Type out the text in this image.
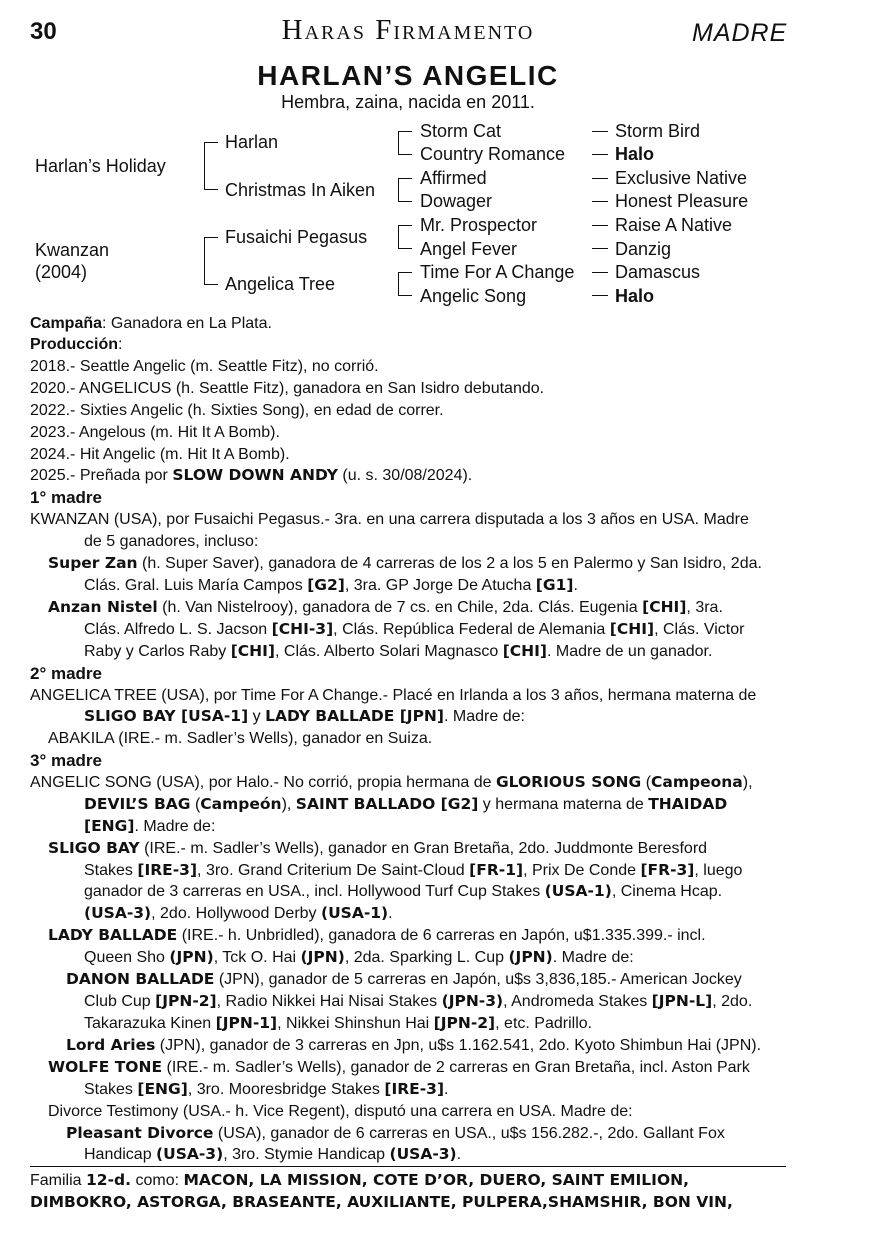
30	Haras Firmamento	MADRE
HARLAN’S ANGELIC
Hembra, zaina, nacida en 2011.
Harlan’s Holiday
Kwanzan
(2004)
Harlan
Christmas In Aiken
Fusaichi Pegasus
Angelica Tree
Storm Cat
Country Romance
Affirmed
Dowager
Mr. Prospector
Angel Fever
Time For A Change
Angelic Song
Storm Bird
Halo
Exclusive Native
Honest Pleasure
Raise A Native
Danzig
Damascus
Halo
Campaña: Ganadora en La Plata.
Producción:
2018.- Seattle Angelic (m. Seattle Fitz), no corrió.
2020.- ANGELICUS (h. Seattle Fitz), ganadora en San Isidro debutando.
2022.- Sixties Angelic (h. Sixties Song), en edad de correr.
2023.- Angelous (m. Hit It A Bomb).
2024.- Hit Angelic (m. Hit It A Bomb).
2025.- Preñada por SLOW DOWN ANDY (u. s. 30/08/2024).
1° madre
KWANZAN (USA), por Fusaichi Pegasus.- 3ra. en una carrera disputada a los 3 años en USA. Madre
de 5 ganadores, incluso:
Super Zan (h. Super Saver), ganadora de 4 carreras de los 2 a los 5 en Palermo y San Isidro, 2da.
Clás. Gral. Luis María Campos [G2], 3ra. GP Jorge De Atucha [G1].
Anzan Nistel (h. Van Nistelrooy), ganadora de 7 cs. en Chile, 2da. Clás. Eugenia [CHI], 3ra.
Clás. Alfredo L. S. Jacson [CHI-3], Clás. República Federal de Alemania [CHI], Clás. Victor
Raby y Carlos Raby [CHI], Clás. Alberto Solari Magnasco [CHI]. Madre de un ganador.
2° madre
ANGELICA TREE (USA), por Time For A Change.- Placé en Irlanda a los 3 años, hermana materna de
SLIGO BAY [USA-1] y LADY BALLADE [JPN]. Madre de:
ABAKILA (IRE.- m. Sadler’s Wells), ganador en Suiza.
3° madre
ANGELIC SONG (USA), por Halo.- No corrió, propia hermana de GLORIOUS SONG (Campeona),
DEVIL’S BAG (Campeón), SAINT BALLADO [G2] y hermana materna de THAIDAD
[ENG]. Madre de:
SLIGO BAY (IRE.- m. Sadler’s Wells), ganador en Gran Bretaña, 2do. Juddmonte Beresford
Stakes [IRE-3], 3ro. Grand Criterium De Saint-Cloud [FR-1], Prix De Conde [FR-3], luego
ganador de 3 carreras en USA., incl. Hollywood Turf Cup Stakes (USA-1), Cinema Hcap.
(USA-3), 2do. Hollywood Derby (USA-1).
LADY BALLADE (IRE.- h. Unbridled), ganadora de 6 carreras en Japón, u$1.335.399.- incl.
Queen Sho (JPN), Tck O. Hai (JPN), 2da. Sparking L. Cup (JPN). Madre de:
DANON BALLADE (JPN), ganador de 5 carreras en Japón, u$s 3,836,185.- American Jockey
Club Cup [JPN-2], Radio Nikkei Hai Nisai Stakes (JPN-3), Andromeda Stakes [JPN-L], 2do.
Takarazuka Kinen [JPN-1], Nikkei Shinshun Hai [JPN-2], etc. Padrillo.
Lord Aries (JPN), ganador de 3 carreras en Jpn, u$s 1.162.541, 2do. Kyoto Shimbun Hai (JPN).
WOLFE TONE (IRE.- m. Sadler’s Wells), ganador de 2 carreras en Gran Bretaña, incl. Aston Park
Stakes [ENG], 3ro. Mooresbridge Stakes [IRE-3].
Divorce Testimony (USA.- h. Vice Regent), disputó una carrera en USA. Madre de:
Pleasant Divorce (USA), ganador de 6 carreras en USA., u$s 156.282.-, 2do. Gallant Fox
Handicap (USA-3), 3ro. Stymie Handicap (USA-3).
Familia 12-d. como: MACON, LA MISSION, COTE D’OR, DUERO, SAINT EMILION,
DIMBOKRO, ASTORGA, BRASEANTE, AUXILIANTE, PULPERA,SHAMSHIR, BON VIN,
